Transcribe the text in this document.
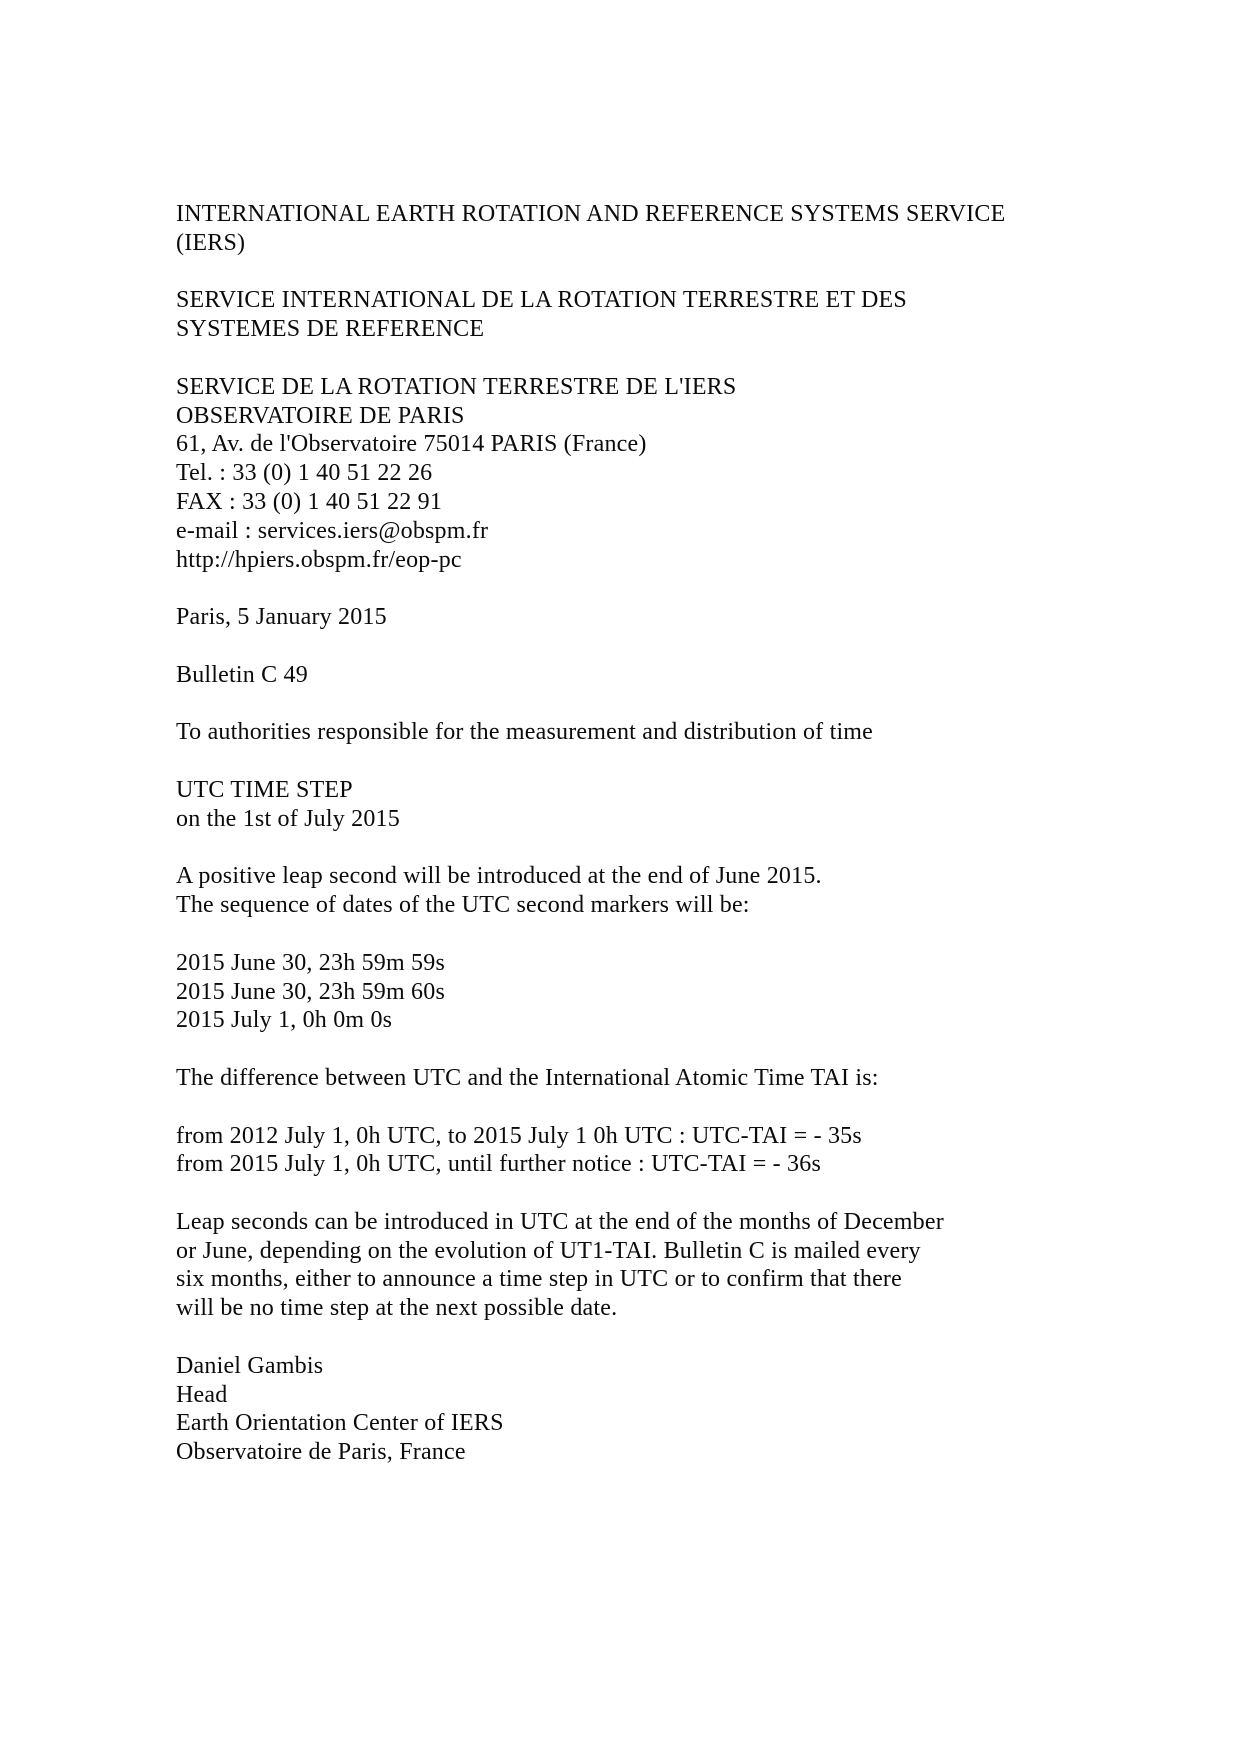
INTERNATIONAL EARTH ROTATION AND REFERENCE SYSTEMS SERVICE
(IERS)
SERVICE INTERNATIONAL DE LA ROTATION TERRESTRE ET DES
SYSTEMES DE REFERENCE
SERVICE DE LA ROTATION TERRESTRE DE L'IERS
OBSERVATOIRE DE PARIS
61, Av. de l'Observatoire 75014 PARIS (France)
Tel. : 33 (0) 1 40 51 22 26
FAX : 33 (0) 1 40 51 22 91
e-mail : services.iers@obspm.fr
http://hpiers.obspm.fr/eop-pc
Paris, 5 January 2015
Bulletin C 49
To authorities responsible for the measurement and distribution of time
UTC TIME STEP
on the 1st of July 2015
A positive leap second will be introduced at the end of June 2015.
The sequence of dates of the UTC second markers will be:
2015 June 30, 23h 59m 59s
2015 June 30, 23h 59m 60s
2015 July 1, 0h 0m 0s
The difference between UTC and the International Atomic Time TAI is:
from 2012 July 1, 0h UTC, to 2015 July 1 0h UTC : UTC-TAI = - 35s
from 2015 July 1, 0h UTC, until further notice : UTC-TAI = - 36s
Leap seconds can be introduced in UTC at the end of the months of December
or June, depending on the evolution of UT1-TAI. Bulletin C is mailed every
six months, either to announce a time step in UTC or to confirm that there
will be no time step at the next possible date.
Daniel Gambis
Head
Earth Orientation Center of IERS
Observatoire de Paris, France
